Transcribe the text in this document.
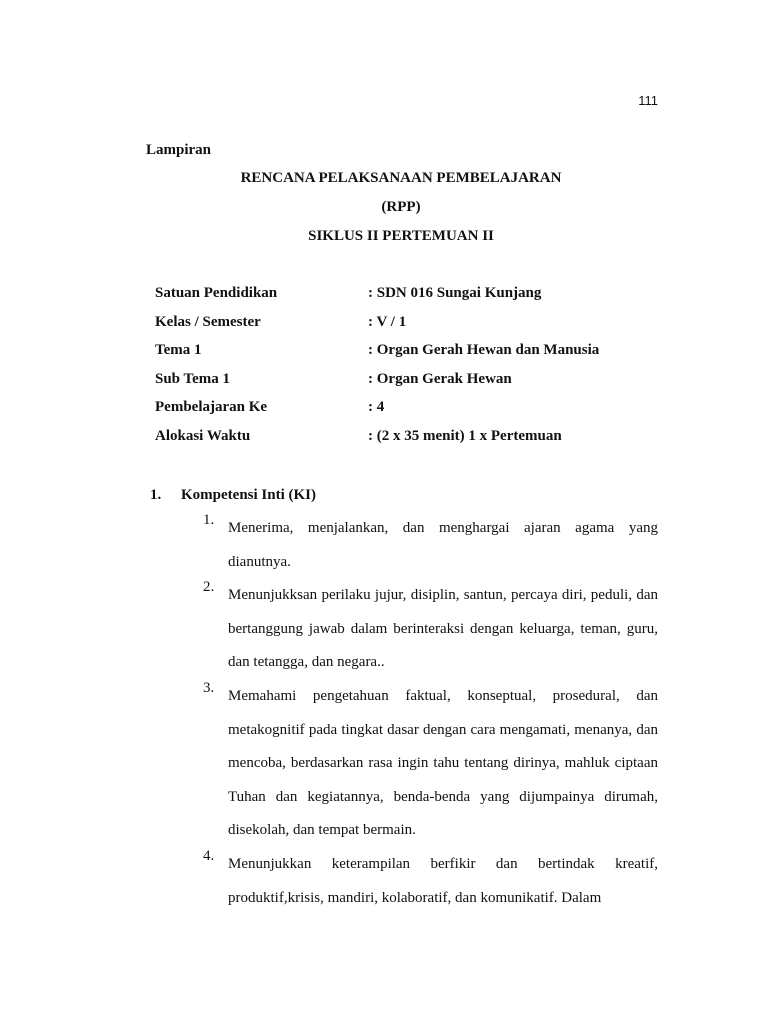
111
Lampiran
RENCANA PELAKSANAAN PEMBELAJARAN
(RPP)
SIKLUS II PERTEMUAN II
Satuan Pendidikan	: SDN 016 Sungai Kunjang
Kelas / Semester	: V / 1
Tema 1	: Organ Gerah Hewan dan Manusia
Sub Tema 1	: Organ Gerak Hewan
Pembelajaran Ke	: 4
Alokasi Waktu	: (2 x 35 menit) 1 x Pertemuan
1. Kompetensi Inti (KI)
1. Menerima, menjalankan, dan menghargai ajaran agama yang dianutnya.
2. Menunjukksan perilaku jujur, disiplin, santun, percaya diri, peduli, dan bertanggung jawab dalam berinteraksi dengan keluarga, teman, guru, dan tetangga, dan negara..
3. Memahami pengetahuan faktual, konseptual, prosedural, dan metakognitif pada tingkat dasar dengan cara mengamati, menanya, dan mencoba, berdasarkan rasa ingin tahu tentang dirinya, mahluk ciptaan Tuhan dan kegiatannya, benda-benda yang dijumpainya dirumah, disekolah, dan tempat bermain.
4. Menunjukkan keterampilan berfikir dan bertindak kreatif, produktif,krisis, mandiri, kolaboratif, dan komunikatif. Dalam
